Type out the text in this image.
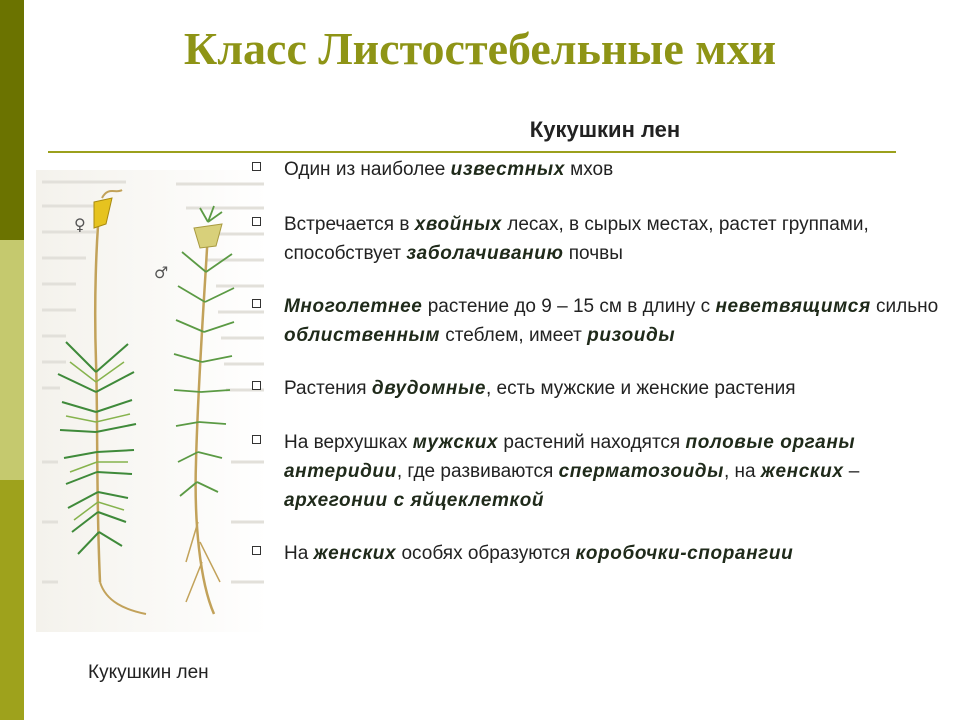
Класс Листостебельные мхи
Кукушкин лен
♀
♂
Кукушкин лен
Один из наиболее известных мхов
Встречается в хвойных лесах, в сырых местах, растет группами, способствует заболачиванию почвы
Многолетнее растение до 9 – 15 см в длину с неветвящимся сильно облиственным стеблем, имеет ризоиды
Растения двудомные, есть мужские и женские растения
На верхушках мужских растений находятся половые органы антеридии, где развиваются сперматозоиды, на женских – архегонии с яйцеклеткой
На женских особях образуются коробочки-спорангии
